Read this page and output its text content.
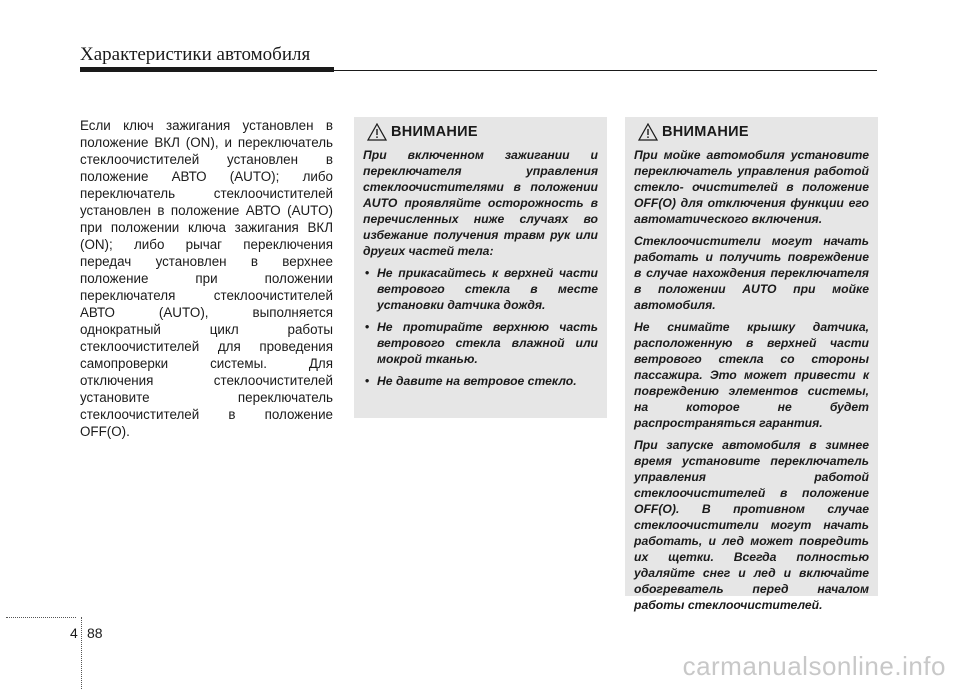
Характеристики автомобиля
Если ключ зажигания установлен в положение ВКЛ (ON), и переключатель стеклоочистителей установлен в положение АВТО (AUTO); либо переключатель стеклоочистителей установлен в положение АВТО (AUTO) при положении ключа зажигания ВКЛ (ON); либо рычаг переключения передач установлен в верхнее положение при положении переключателя стеклоочистителей АВТО (AUTO), выполняется однократный цикл работы стеклоочистителей для проведения самопроверки системы. Для отключения стеклоочистителей установите переключатель стеклоочистителей в положение OFF(O).
ВНИМАНИЕ

При включенном зажигании и переключателя управления стеклоочистителями в положении AUTO проявляйте осторожность в перечисленных ниже случаях во избежание получения травм рук или других частей тела:

• Не прикасайтесь к верхней части ветрового стекла в месте установки датчика дождя.
• Не протирайте верхнюю часть ветрового стекла влажной или мокрой тканью.
• Не давите на ветровое стекло.
ВНИМАНИЕ

При мойке автомобиля установите переключатель управления работой стекло- очистителей в положение OFF(O) для отключения функции его автоматического включения.

Стеклоочистители могут начать работать и получить повреждение в случае нахождения переключателя в положении AUTO при мойке автомобиля.

Не снимайте крышку датчика, расположенную в верхней части ветрового стекла со стороны пассажира. Это может привести к повреждению элементов системы, на которое не будет распространяться гарантия.

При запуске автомобиля в зимнее время установите переключатель управления работой стеклоочистителей в положение OFF(O). В противном случае стеклоочистители могут начать работать, и лед может повредить их щетки. Всегда полностью удаляйте снег и лед и включайте обогреватель перед началом работы стеклоочистителей.

4 88
carmanualsonline.info
